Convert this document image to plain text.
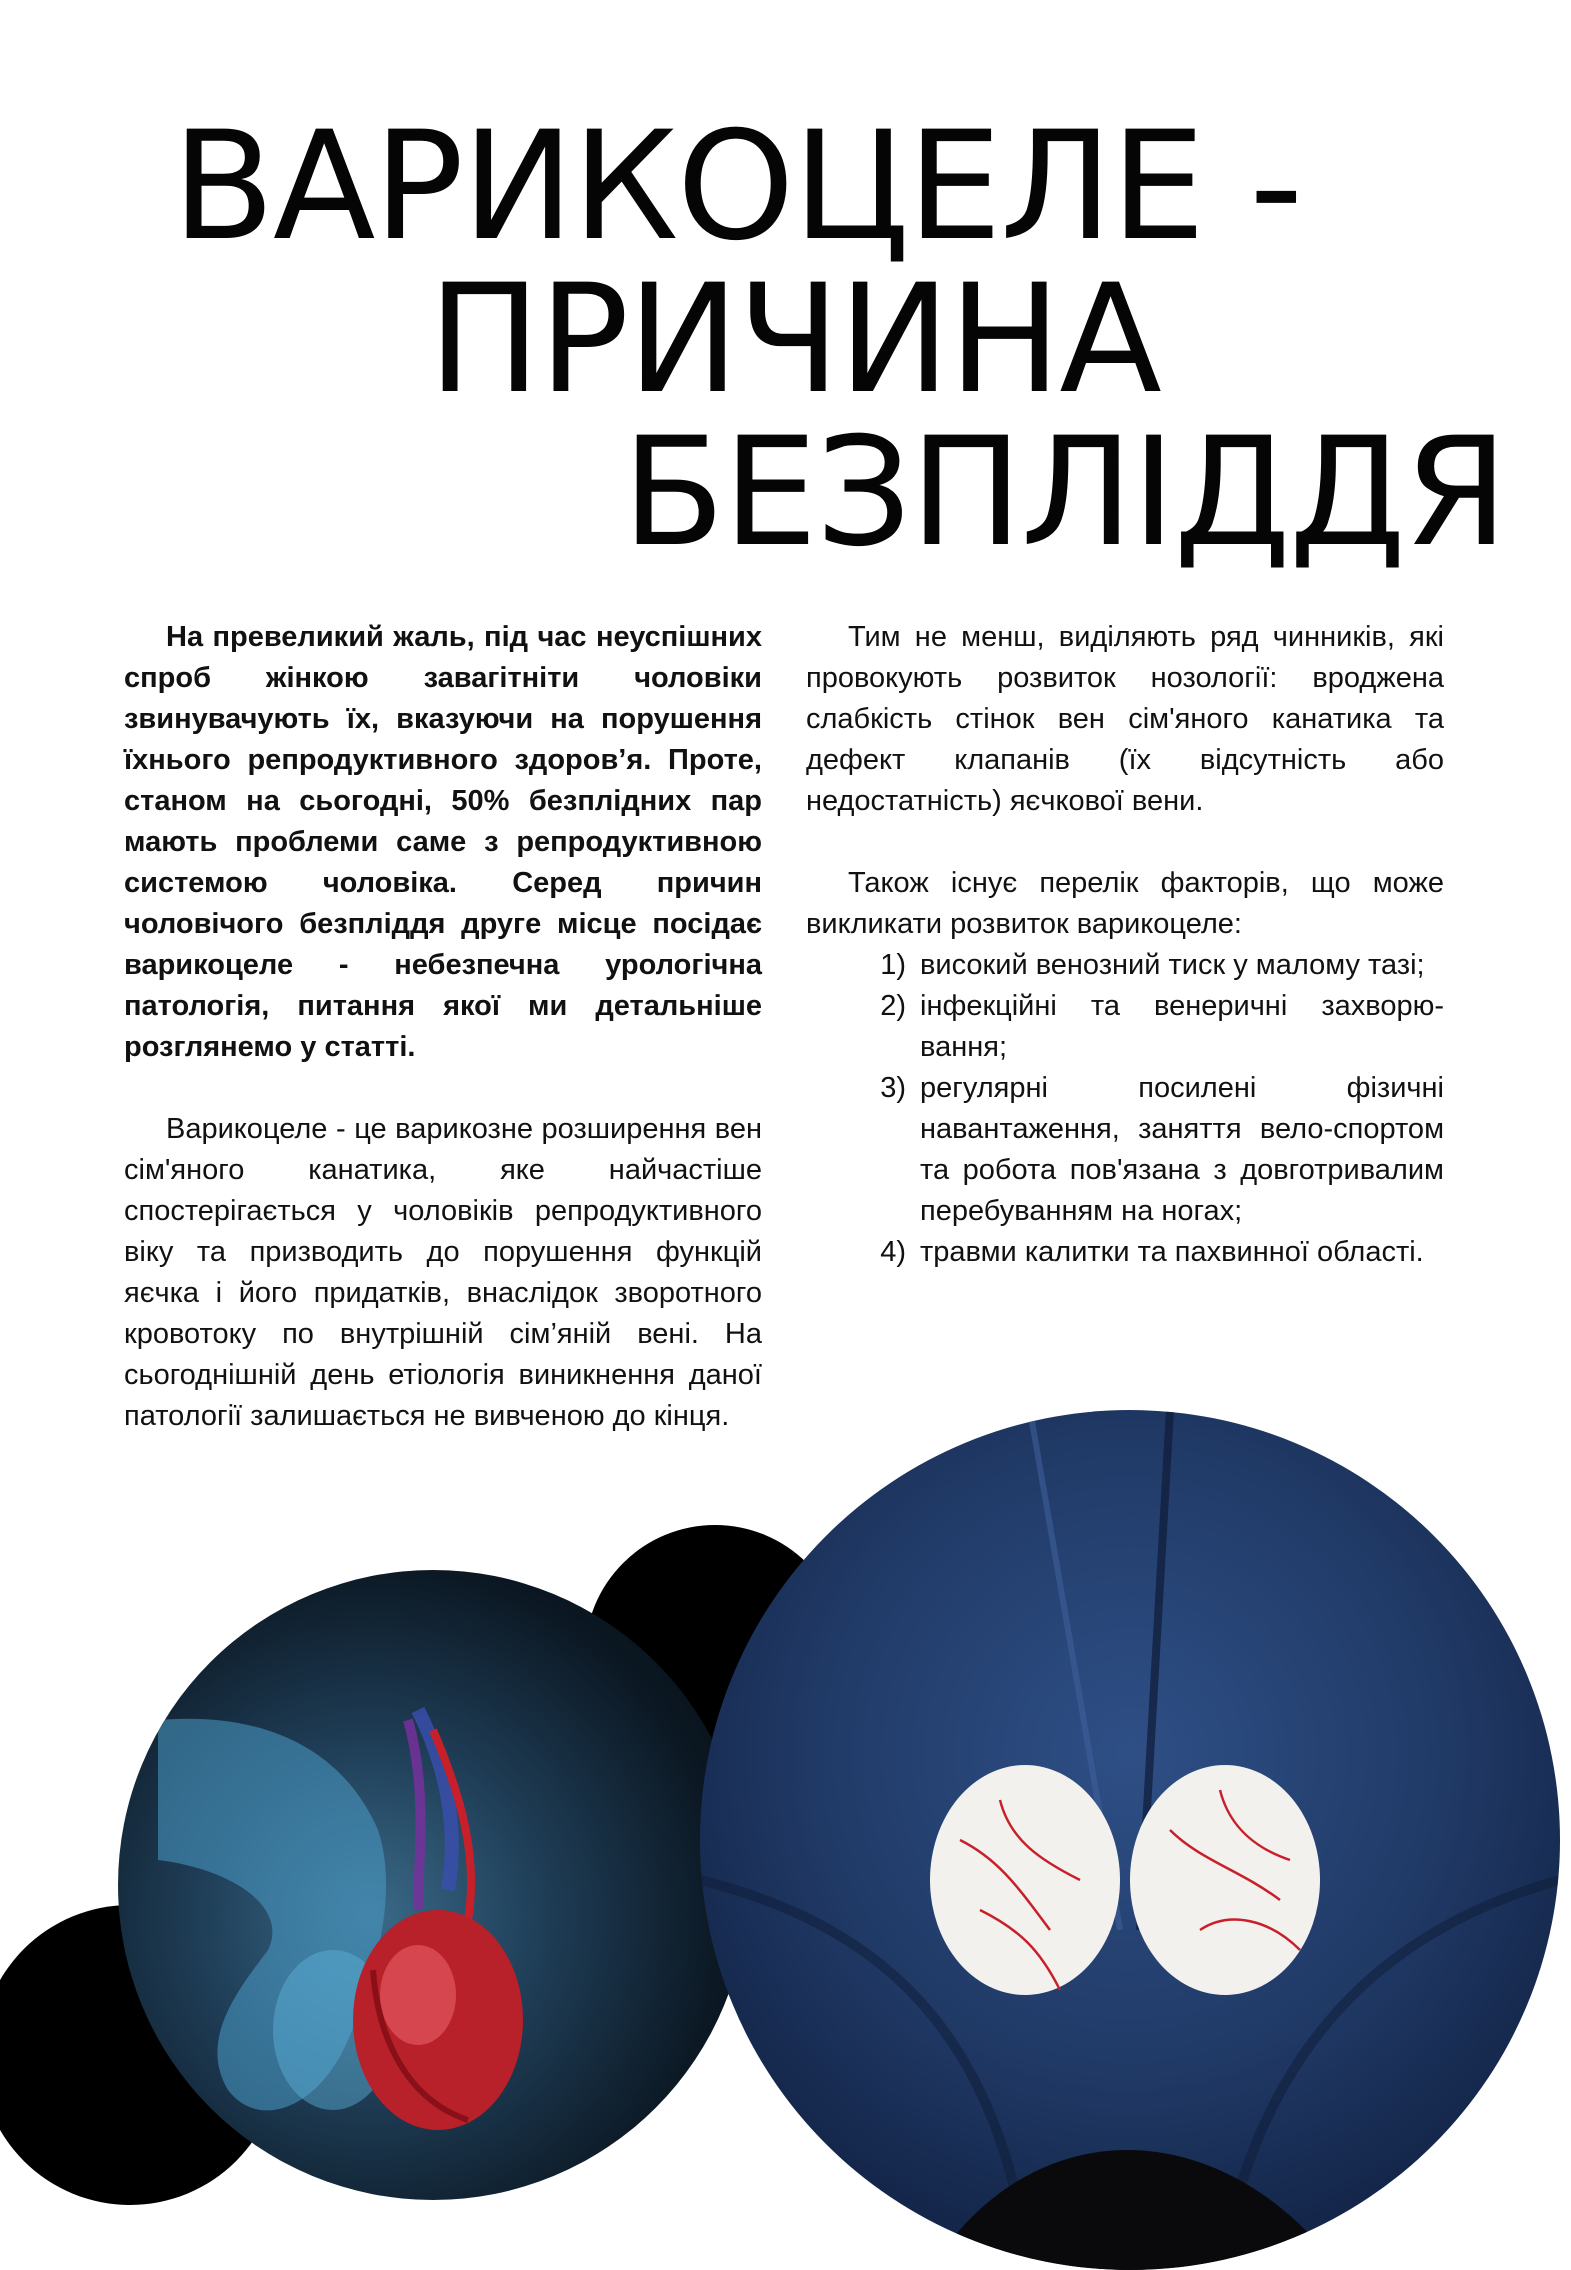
ВАРИКОЦЕЛЕ -
ПРИЧИНА
БЕЗПЛІДДЯ

На превеликий жаль, під час неуспішних спроб жінкою завагітніти чоловіки звинувачують їх, вказуючи на порушення їхнього репродуктивного здоров’я. Проте, станом на сьогодні, 50% безплідних пар мають проблеми саме з репродуктивною системою чоловіка. Серед причин чоловічого безпліддя друге місце посідає варикоцеле - небезпечна урологічна патологія, питання якої ми детальніше розглянемо у статті.

Варикоцеле - це варикозне розширення вен сім'яного канатика, яке найчастіше спостерігається у чоловіків репродуктивного віку та призводить до порушення функцій яєчка і його придатків, внаслідок зворотного кровотоку по внутрішній сім’яній вені. На сьогоднішній день етіологія виникнення даної патології залишається не вивченою до кінця.

Тим не менш, виділяють ряд чинників, які провокують розвиток нозології: вроджена слабкість стінок вен сім'яного канатика та дефект клапанів (їх відсутність або недостатність) яєчкової вени.

Також існує перелік факторів, що може викликати розвиток варикоцеле:

1) високий венозний тиск у малому тазі;
2) інфекційні та венеричні захворю-вання;
3) регулярні посилені фізичні навантаження, заняття вело-спортом та робота пов'язана з довготривалим перебуванням на ногах;
4) травми калитки та пахвинної області.
